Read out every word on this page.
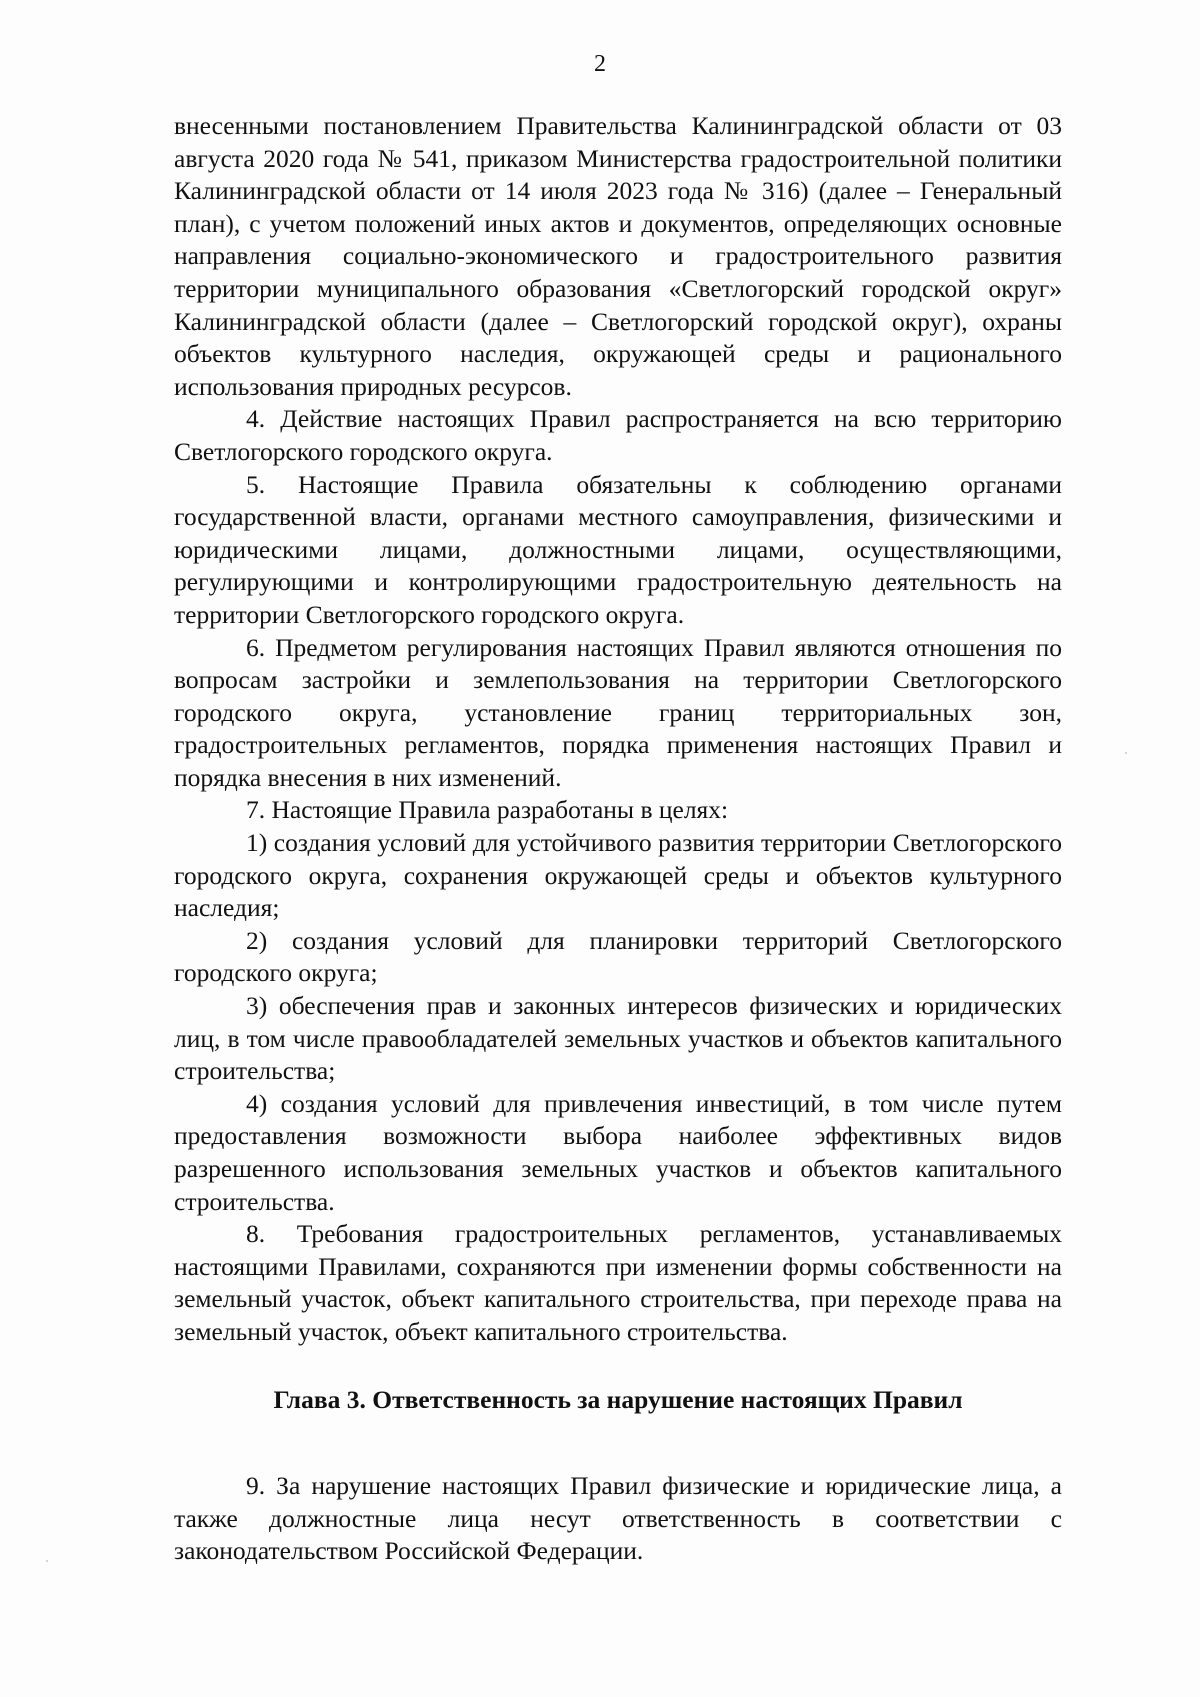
2

внесенными постановлением Правительства Калининградской области от 03 августа 2020 года № 541, приказом Министерства градостроительной политики Калининградской области от 14 июля 2023 года № 316) (далее – Генеральный план), с учетом положений иных актов и документов, определяющих основные направления социально-экономического и градостроительного развития территории муниципального образования «Светлогорский городской округ» Калининградской области (далее – Светлогорский городской округ), охраны объектов культурного наследия, окружающей среды и рационального использования природных ресурсов.

4. Действие настоящих Правил распространяется на всю территорию Светлогорского городского округа.

5. Настоящие Правила обязательны к соблюдению органами государственной власти, органами местного самоуправления, физическими и юридическими лицами, должностными лицами, осуществляющими, регулирующими и контролирующими градостроительную деятельность на территории Светлогорского городского округа.

6. Предметом регулирования настоящих Правил являются отношения по вопросам застройки и землепользования на территории Светлогорского городского округа, установление границ территориальных зон, градостроительных регламентов, порядка применения настоящих Правил и порядка внесения в них изменений.

7. Настоящие Правила разработаны в целях:

1) создания условий для устойчивого развития территории Светлогорского городского округа, сохранения окружающей среды и объектов культурного наследия;

2) создания условий для планировки территорий Светлогорского городского округа;

3) обеспечения прав и законных интересов физических и юридических лиц, в том числе правообладателей земельных участков и объектов капитального строительства;

4) создания условий для привлечения инвестиций, в том числе путем предоставления возможности выбора наиболее эффективных видов разрешенного использования земельных участков и объектов капитального строительства.

8. Требования градостроительных регламентов, устанавливаемых настоящими Правилами, сохраняются при изменении формы собственности на земельный участок, объект капитального строительства, при переходе права на земельный участок, объект капитального строительства.

Глава 3. Ответственность за нарушение настоящих Правил

9. За нарушение настоящих Правил физические и юридические лица, а также должностные лица несут ответственность в соответствии с законодательством Российской Федерации.
